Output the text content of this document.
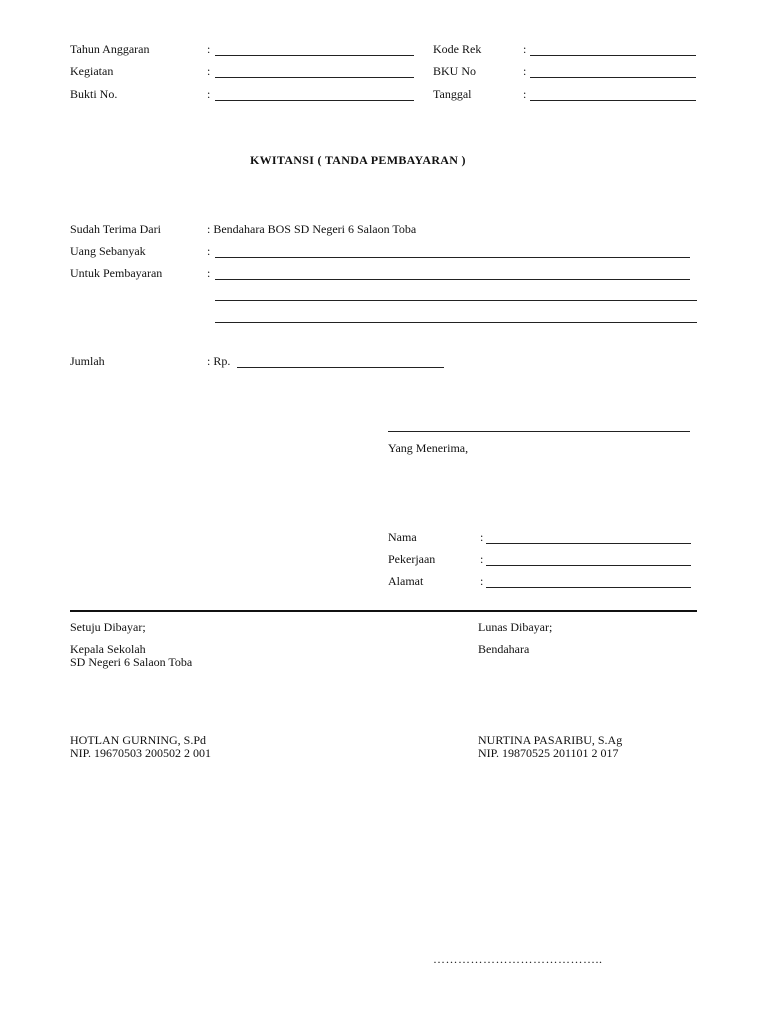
Tahun Anggaran	:
Kegiatan	:
Bukti No.	:
Kode Rek	:
BKU No	:
Tanggal	:
KWITANSI ( TANDA PEMBAYARAN )
Sudah Terima Dari	: Bendahara BOS SD Negeri 6 Salaon Toba
Uang Sebanyak	:
Untuk Pembayaran	:
Jumlah	: Rp.
Yang Menerima,
Nama	:
Pekerjaan	:
Alamat	:
Setuju Dibayar;
Kepala Sekolah
SD Negeri 6 Salaon Toba
HOTLAN GURNING, S.Pd
NIP. 19670503 200502 2 001
Lunas Dibayar;
Bendahara
NURTINA PASARIBU, S.Ag
NIP. 19870525 201101 2 017
…………………………………..
